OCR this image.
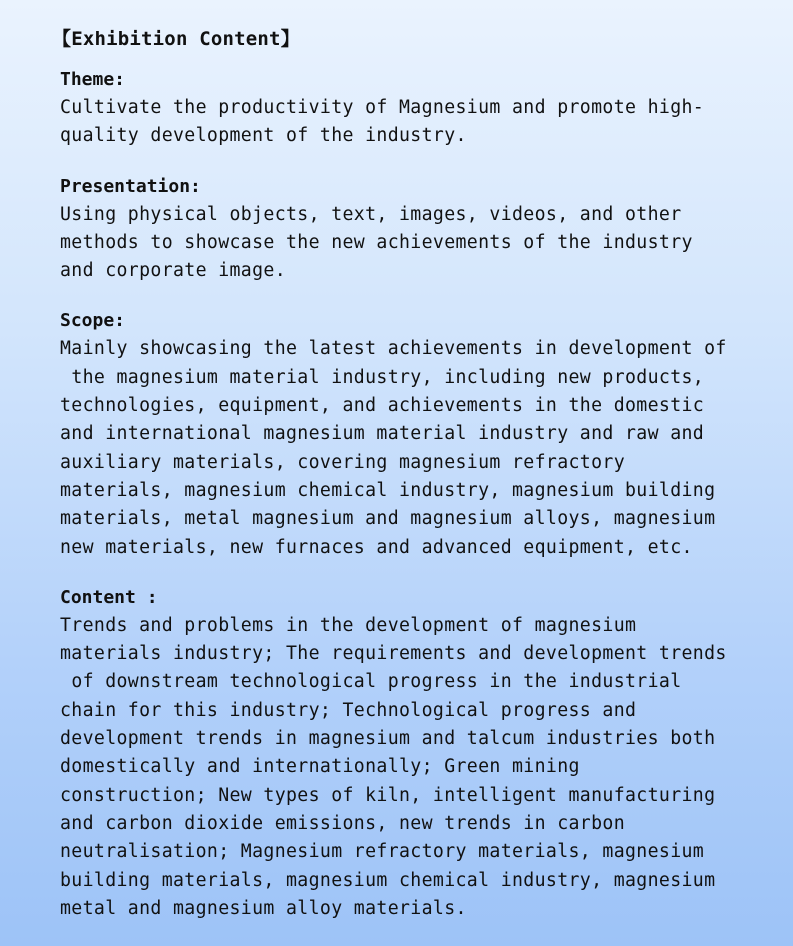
【Exhibition Content】
Theme:
Cultivate the productivity of Magnesium and promote high-
quality development of the industry.
Presentation:
Using physical objects, text, images, videos, and other
methods to showcase the new achievements of the industry
and corporate image.
Scope:
Mainly showcasing the latest achievements in development of
the magnesium material industry, including new products,
technologies, equipment, and achievements in the domestic
and international magnesium material industry and raw and
auxiliary materials, covering magnesium refractory
materials, magnesium chemical industry, magnesium building
materials, metal magnesium and magnesium alloys, magnesium
new materials, new furnaces and advanced equipment, etc.
Content :
Trends and problems in the development of magnesium
materials industry; The requirements and development trends
of downstream technological progress in the industrial
chain for this industry; Technological progress and
development trends in magnesium and talcum industries both
domestically and internationally; Green mining
construction; New types of kiln, intelligent manufacturing
and carbon dioxide emissions, new trends in carbon
neutralisation; Magnesium refractory materials, magnesium
building materials, magnesium chemical industry, magnesium
metal and magnesium alloy materials.
